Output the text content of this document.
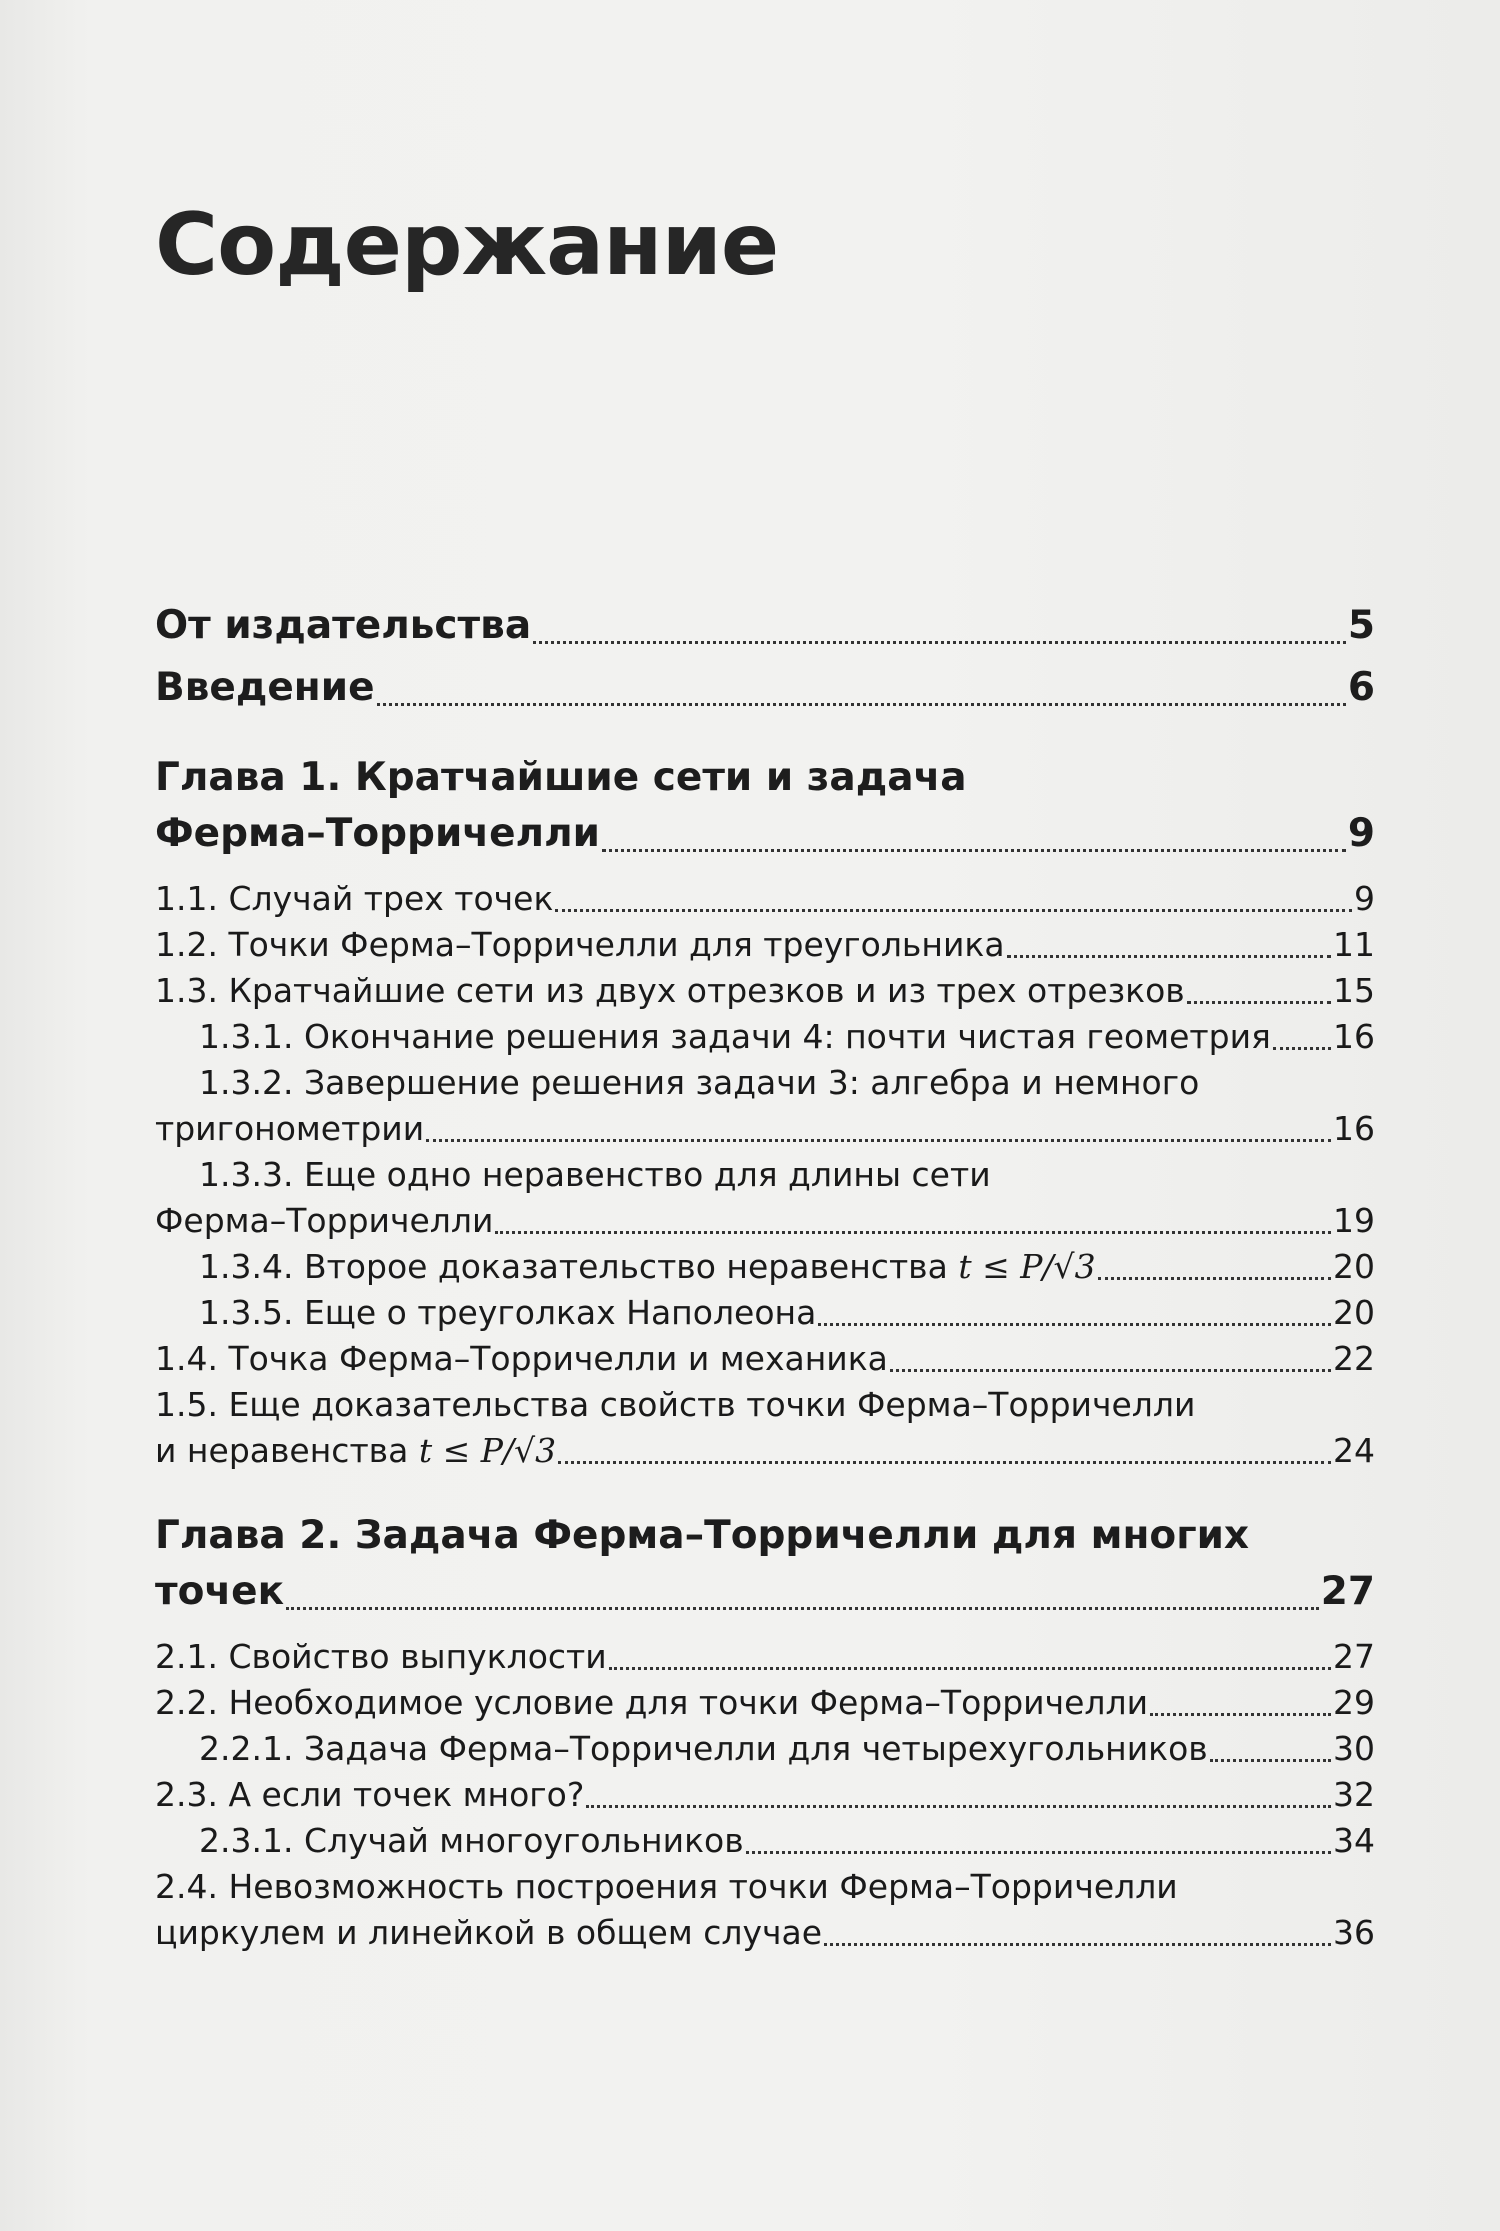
Содержание
От издательства	5
Введение	6
Глава 1. Кратчайшие сети и задача
Ферма–Торричелли	9
1.1. Случай трех точек	9
1.2. Точки Ферма–Торричелли для треугольника	11
1.3. Кратчайшие сети из двух отрезков и из трех отрезков	15
1.3.1. Окончание решения задачи 4: почти чистая геометрия 16
1.3.2. Завершение решения задачи 3: алгебра и немного
тригонометрии	16
1.3.3. Еще одно неравенство для длины сети
Ферма–Торричелли	19
1.3.4. Второе доказательство неравенства t ≤ P/√3	20
1.3.5. Еще о треуголках Наполеона	20
1.4. Точка Ферма–Торричелли и механика	22
1.5. Еще доказательства свойств точки Ферма–Торричелли
и неравенства t ≤ P/√3	24
Глава 2. Задача Ферма–Торричелли для многих
точек	27
2.1. Свойство выпуклости	27
2.2. Необходимое условие для точки Ферма–Торричелли	29
2.2.1. Задача Ферма–Торричелли для четырехугольников	30
2.3. А если точек много?	32
2.3.1. Случай многоугольников	34
2.4. Невозможность построения точки Ферма–Торричелли
циркулем и линейкой в общем случае	36
